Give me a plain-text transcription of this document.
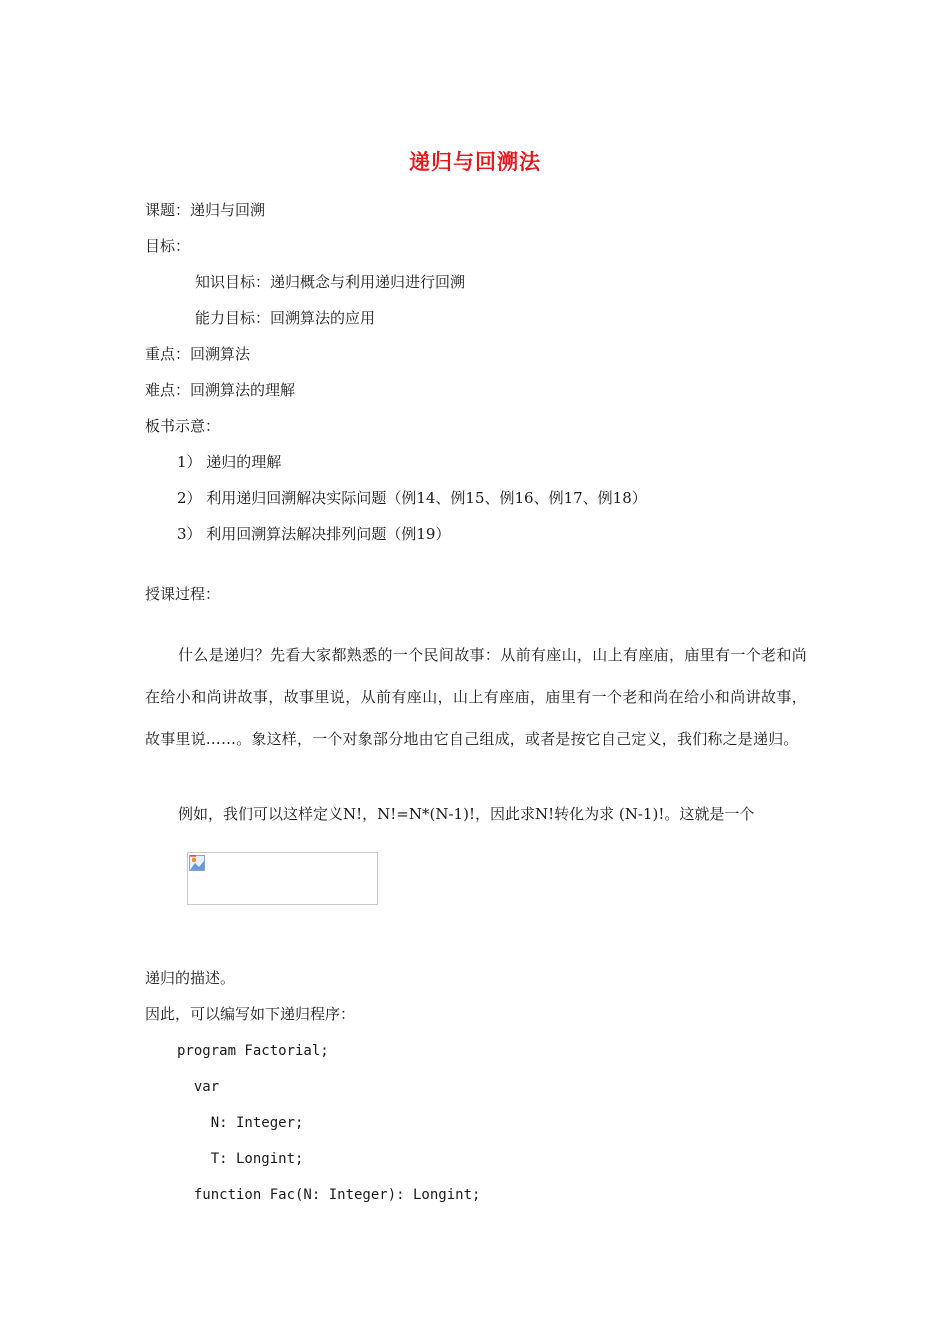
递归与回溯法
课题：递归与回溯
目标：
知识目标：递归概念与利用递归进行回溯
能力目标：回溯算法的应用
重点：回溯算法
难点：回溯算法的理解
板书示意：
1） 递归的理解
2） 利用递归回溯解决实际问题（例14、例15、例16、例17、例18）
3） 利用回溯算法解决排列问题（例19）
授课过程：
什么是递归？先看大家都熟悉的一个民间故事：从前有座山，山上有座庙，庙里有一个老和尚在给小和尚讲故事，故事里说，从前有座山，山上有座庙，庙里有一个老和尚在给小和尚讲故事，故事里说……。象这样，一个对象部分地由它自己组成，或者是按它自己定义，我们称之是递归。
例如，我们可以这样定义N!，N!=N*(N-1)!，因此求N!转化为求 (N-1)!。这就是一个
递归的描述。
因此，可以编写如下递归程序：
program Factorial;
var
N: Integer;
T: Longint;
function Fac(N: Integer): Longint;
